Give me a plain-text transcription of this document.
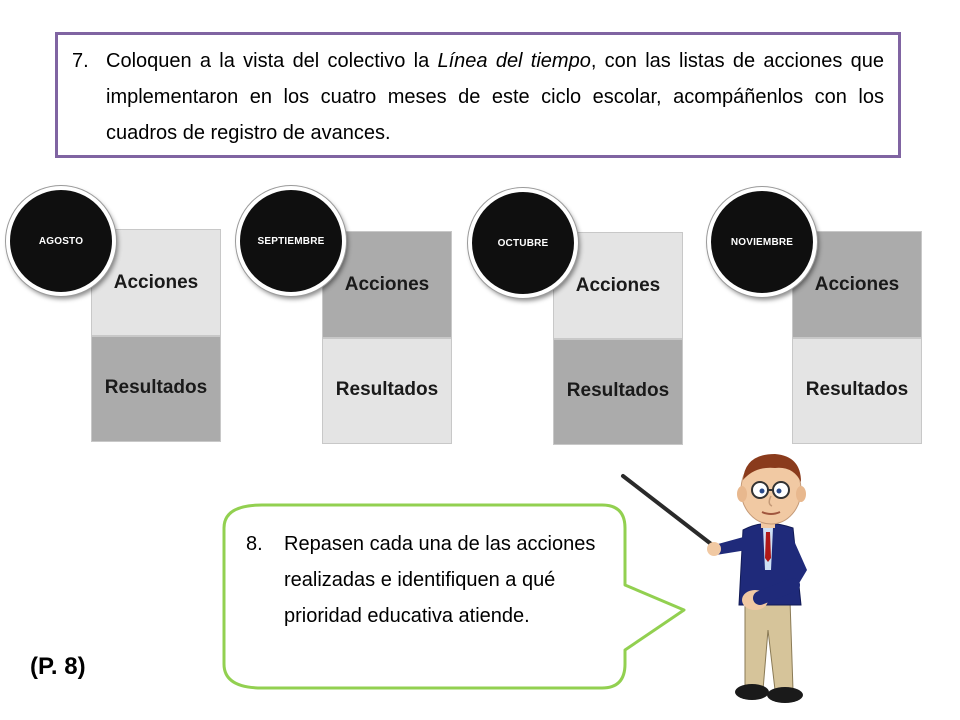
7. Coloquen a la vista del colectivo la Línea del tiempo, con las listas de acciones que implementaron en los cuatro meses de este ciclo escolar, acompáñenlos con los cuadros de registro de avances.
Acciones
Resultados
AGOSTO
Acciones
Resultados
SEPTIEMBRE
Acciones
Resultados
OCTUBRE
Acciones
Resultados
NOVIEMBRE
8.	Repasen cada una de las acciones realizadas e identifiquen a qué prioridad educativa atiende.
(P. 8)
